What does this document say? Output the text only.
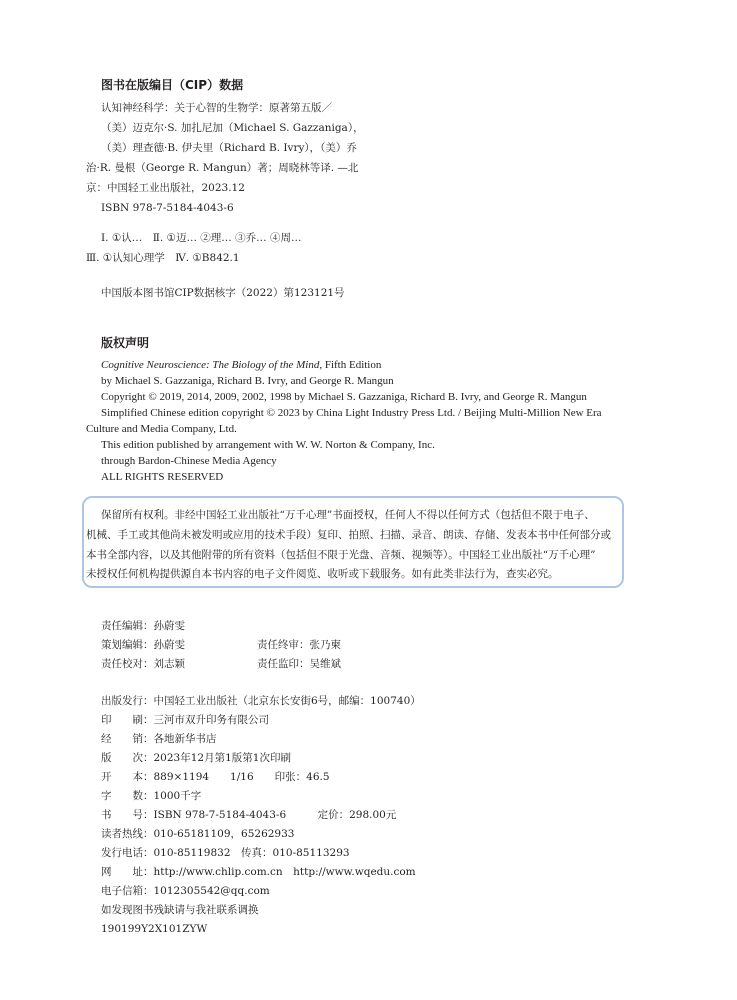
图书在版编目（CIP）数据
认知神经科学：关于心智的生物学：原著第五版／
（美）迈克尔·S. 加扎尼加（Michael S. Gazzaniga），
（美）理查德·B. 伊夫里（Richard B. Ivry），（美）乔
治·R. 曼根（George R. Mangun）著；周晓林等译. —北
京：中国轻工业出版社，2023.12
ISBN 978-7-5184-4043-6
Ⅰ. ①认…　Ⅱ. ①迈… ②理… ③乔… ④周…
Ⅲ. ①认知心理学　Ⅳ. ①B842.1
中国版本图书馆CIP数据核字（2022）第123121号
版权声明
Cognitive Neuroscience: The Biology of the Mind, Fifth Edition
by Michael S. Gazzaniga, Richard B. Ivry, and George R. Mangun
Copyright © 2019, 2014, 2009, 2002, 1998 by Michael S. Gazzaniga, Richard B. Ivry, and George R. Mangun
Simplified Chinese edition copyright © 2023 by China Light Industry Press Ltd. / Beijing Multi-Million New Era
Culture and Media Company, Ltd.
This edition published by arrangement with W. W. Norton & Company, Inc.
through Bardon-Chinese Media Agency
ALL RIGHTS RESERVED
保留所有权利。非经中国轻工业出版社“万千心理”书面授权，任何人不得以任何方式（包括但不限于电子、
机械、手工或其他尚未被发明或应用的技术手段）复印、拍照、扫描、录音、朗读、存储、发表本书中任何部分或
本书全部内容，以及其他附带的所有资料（包括但不限于光盘、音频、视频等）。中国轻工业出版社“万千心理”
未授权任何机构提供源自本书内容的电子文件阅览、收听或下载服务。如有此类非法行为，查实必究。
责任编辑：孙蔚雯
策划编辑：孙蔚雯	责任终审：张乃柬
责任校对：刘志颖	责任监印：吴维斌
出版发行：中国轻工业出版社（北京东长安街6号，邮编：100740）
印　　刷：三河市双升印务有限公司
经　　销：各地新华书店
版　　次：2023年12月第1版第1次印刷
开　　本：889×1194　　1/16　　印张：46.5
字　　数：1000千字
书　　号：ISBN 978-7-5184-4043-6　　　定价：298.00元
读者热线：010-65181109，65262933
发行电话：010-85119832　传真：010-85113293
网　　址：http://www.chlip.com.cn　http://www.wqedu.com
电子信箱：1012305542@qq.com
如发现图书残缺请与我社联系调换
190199Y2X101ZYW
